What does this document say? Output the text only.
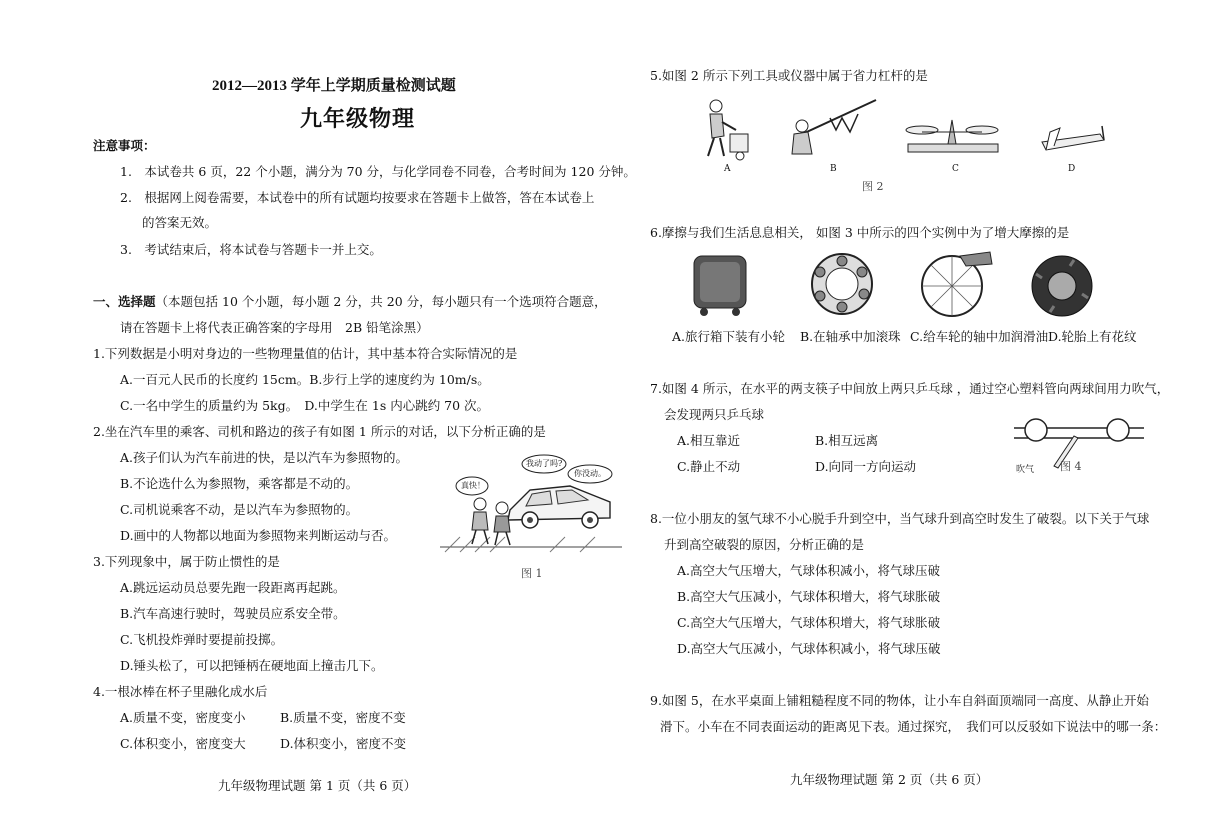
2012—2013 学年上学期质量检测试题
九年级物理
注意事项：
1.　本试卷共 6 页，22 个小题，满分为 70 分，与化学同卷不同卷，合考时间为 120 分钟。
2.　根据网上阅卷需要，本试卷中的所有试题均按要求在答题卡上做答，答在本试卷上
的答案无效。
3.　考试结束后，将本试卷与答题卡一并上交。
一、选择题（本题包括 10 个小题，每小题 2 分，共 20 分，每小题只有一个选项符合题意，
请在答题卡上将代表正确答案的字母用　2B 铅笔涂黑）
1.下列数据是小明对身边的一些物理量值的估计，其中基本符合实际情况的是
A.一百元人民币的长度约 15cm。B.步行上学的速度约为 10m/s。
C.一名中学生的质量约为 5kg。　D.中学生在 1s 内心跳约 70 次。
2.坐在汽车里的乘客、司机和路边的孩子有如图 1 所示的对话，以下分析正确的是
A.孩子们认为汽车前进的快，是以汽车为参照物的。
B.不论选什么为参照物，乘客都是不动的。
C.司机说乘客不动，是以汽车为参照物的。
D.画中的人物都以地面为参照物来判断运动与否。
真快！
我动了吗?
你没动。
图 1
3.下列现象中，属于防止惯性的是
A.跳远运动员总要先跑一段距离再起跳。
B.汽车高速行驶时，驾驶员应系安全带。
C.飞机投炸弹时要提前投掷。
D.锤头松了，可以把锤柄在硬地面上撞击几下。
4.一根冰棒在杯子里融化成水后
A.质量不变，密度变小	B.质量不变，密度不变
C.体积变小，密度变大	D.体积变小，密度不变
九年级物理试题 第 1 页（共 6 页）
5.如图 2 所示下列工具或仪器中属于省力杠杆的是
A	B	C	D
图 2
6.摩擦与我们生活息息相关， 如图 3 中所示的四个实例中为了增大摩擦的是
A.旅行箱下装有小轮 B.在轴承中加滚珠 C.给车轮的轴中加润滑油 D.轮胎上有花纹
7.如图 4 所示，在水平的两支筷子中间放上两只乒乓球 ，通过空心塑料管向两球间用力吹气，
会发现两只乒乓球
A.相互靠近	B.相互远离
C.静止不动	D.向同一方向运动	吹气 图 4
8.一位小朋友的氢气球不小心脱手升到空中，当气球升到高空时发生了破裂。以下关于气球
升到高空破裂的原因，分析正确的是
A.高空大气压增大，气球体积减小，将气球压破
B.高空大气压减小，气球体积增大，将气球胀破
C.高空大气压增大，气球体积增大，将气球胀破
D.高空大气压减小，气球体积减小，将气球压破
9.如图 5，在水平桌面上铺粗糙程度不同的物体，让小车自斜面顶端同一高度、从静止开始
滑下。小车在不同表面运动的距离见下表。通过探究，　我们可以反驳如下说法中的哪一条：
九年级物理试题 第 2 页（共 6 页）
